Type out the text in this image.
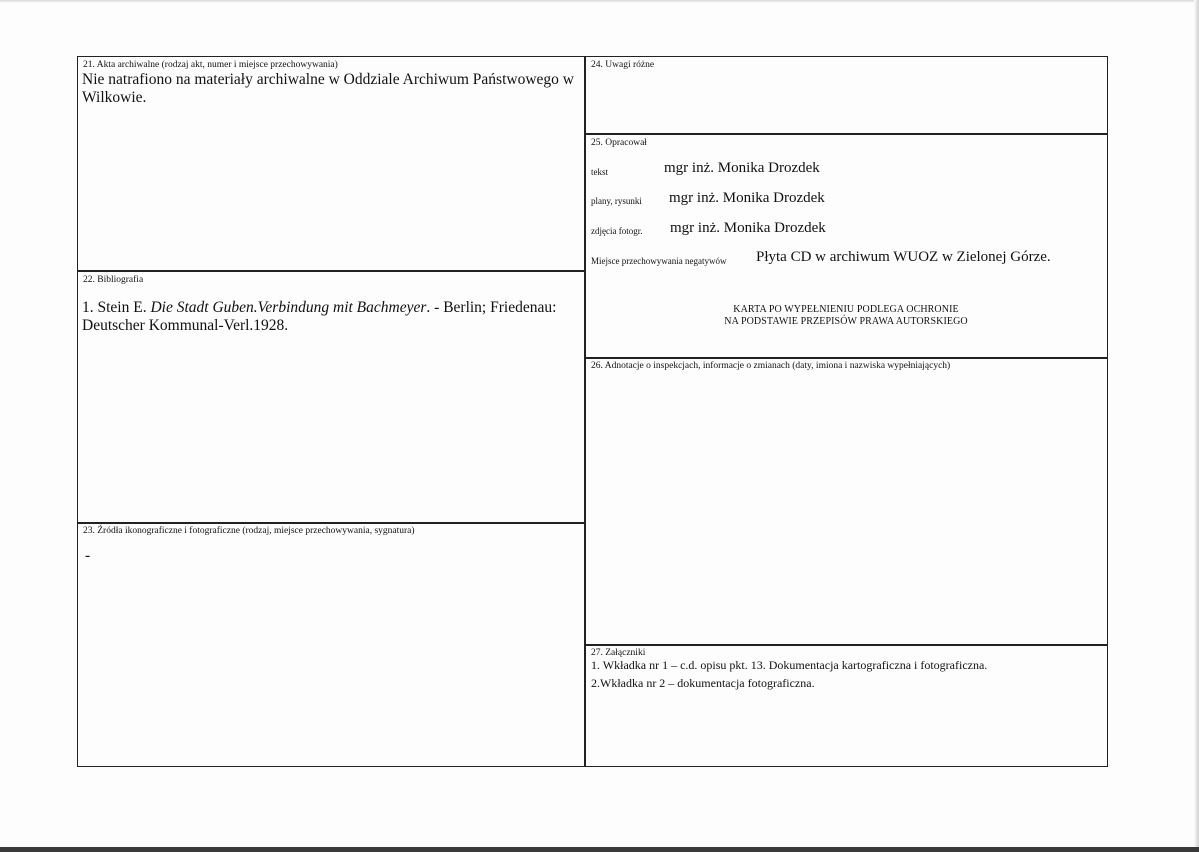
21. Akta archiwalne (rodzaj akt, numer i miejsce przechowywania)
Nie natrafiono na materiały archiwalne w Oddziale Archiwum Państwowego w Wilkowie.
22. Bibliografia
1. Stein E. Die Stadt Guben.Verbindung mit Bachmeyer. - Berlin; Friedenau: Deutscher Kommunal-Verl.1928.
23. Źródła ikonograficzne i fotograficzne (rodzaj, miejsce przechowywania, sygnatura)
-
24. Uwagi różne
25. Opracował
tekst	mgr inż. Monika Drozdek
plany, rysunki mgr inż. Monika Drozdek
zdjęcia fotogr. mgr inż. Monika Drozdek
Miejsce przechowywania negatywów Płyta CD w archiwum WUOZ w Zielonej Górze.
KARTA PO WYPEŁNIENIU PODLEGA OCHRONIE
NA PODSTAWIE PRZEPISÓW PRAWA AUTORSKIEGO
26. Adnotacje o inspekcjach, informacje o zmianach (daty, imiona i nazwiska wypełniających)
27. Załączniki
1. Wkładka nr 1 – c.d. opisu pkt. 13. Dokumentacja kartograficzna i fotograficzna.
2.Wkładka nr 2 – dokumentacja fotograficzna.
